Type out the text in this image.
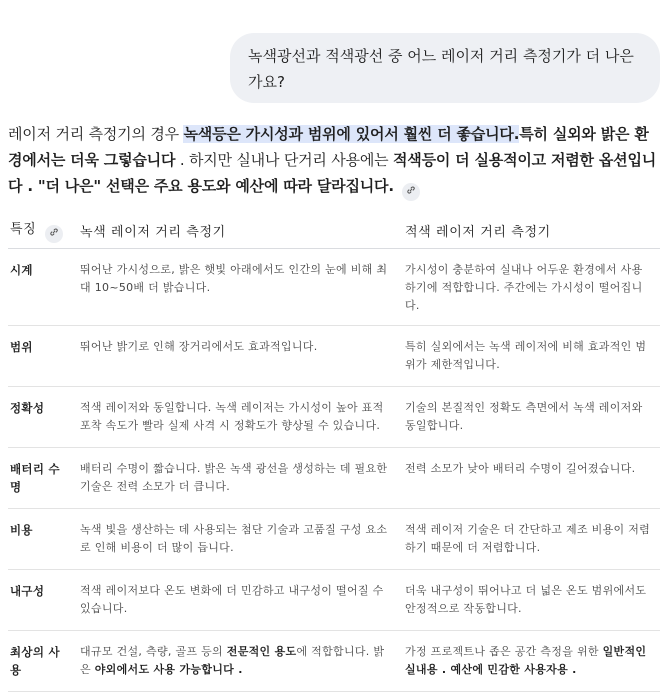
녹색광선과 적색광선 중 어느 레이저 거리 측정기가 더 나은
가요?
레이저 거리 측정기의 경우 녹색등은 가시성과 범위에 있어서 훨씬 더 좋습니다.특히 실외와 밝은 환경에서는 더욱 그렇습니다 . 하지만 실내나 단거리 사용에는 적색등이 더 실용적이고 저렴한 옵션입니다 . "더 나은" 선택은 주요 용도와 예산에 따라 달라집니다.
특징	녹색 레이저 거리 측정기	적색 레이저 거리 측정기
시계	뛰어난 가시성으로, 밝은 햇빛 아래에서도 인간의 눈에 비해 최대 10~50배 더 밝습니다.	가시성이 충분하여 실내나 어두운 환경에서 사용하기에 적합합니다. 주간에는 가시성이 떨어집니다.
범위	뛰어난 밝기로 인해 장거리에서도 효과적입니다.	특히 실외에서는 녹색 레이저에 비해 효과적인 범위가 제한적입니다.
정확성	적색 레이저와 동일합니다. 녹색 레이저는 가시성이 높아 표적 포착 속도가 빨라 실제 사격 시 정확도가 향상될 수 있습니다.	기술의 본질적인 정확도 측면에서 녹색 레이저와 동일합니다.
배터리 수명	배터리 수명이 짧습니다. 밝은 녹색 광선을 생성하는 데 필요한 기술은 전력 소모가 더 큽니다.	전력 소모가 낮아 배터리 수명이 길어졌습니다.
비용	녹색 빛을 생산하는 데 사용되는 첨단 기술과 고품질 구성 요소로 인해 비용이 더 많이 듭니다.	적색 레이저 기술은 더 간단하고 제조 비용이 저렴하기 때문에 더 저렴합니다.
내구성	적색 레이저보다 온도 변화에 더 민감하고 내구성이 떨어질 수 있습니다.	더욱 내구성이 뛰어나고 더 넓은 온도 범위에서도 안정적으로 작동합니다.
최상의 사용	대규모 건설, 측량, 골프 등의 전문적인 용도에 적합합니다. 밝은 야외에서도 사용 가능합니다 .	가정 프로젝트나 좁은 공간 측정을 위한 일반적인 실내용 . 예산에 민감한 사용자용 .
